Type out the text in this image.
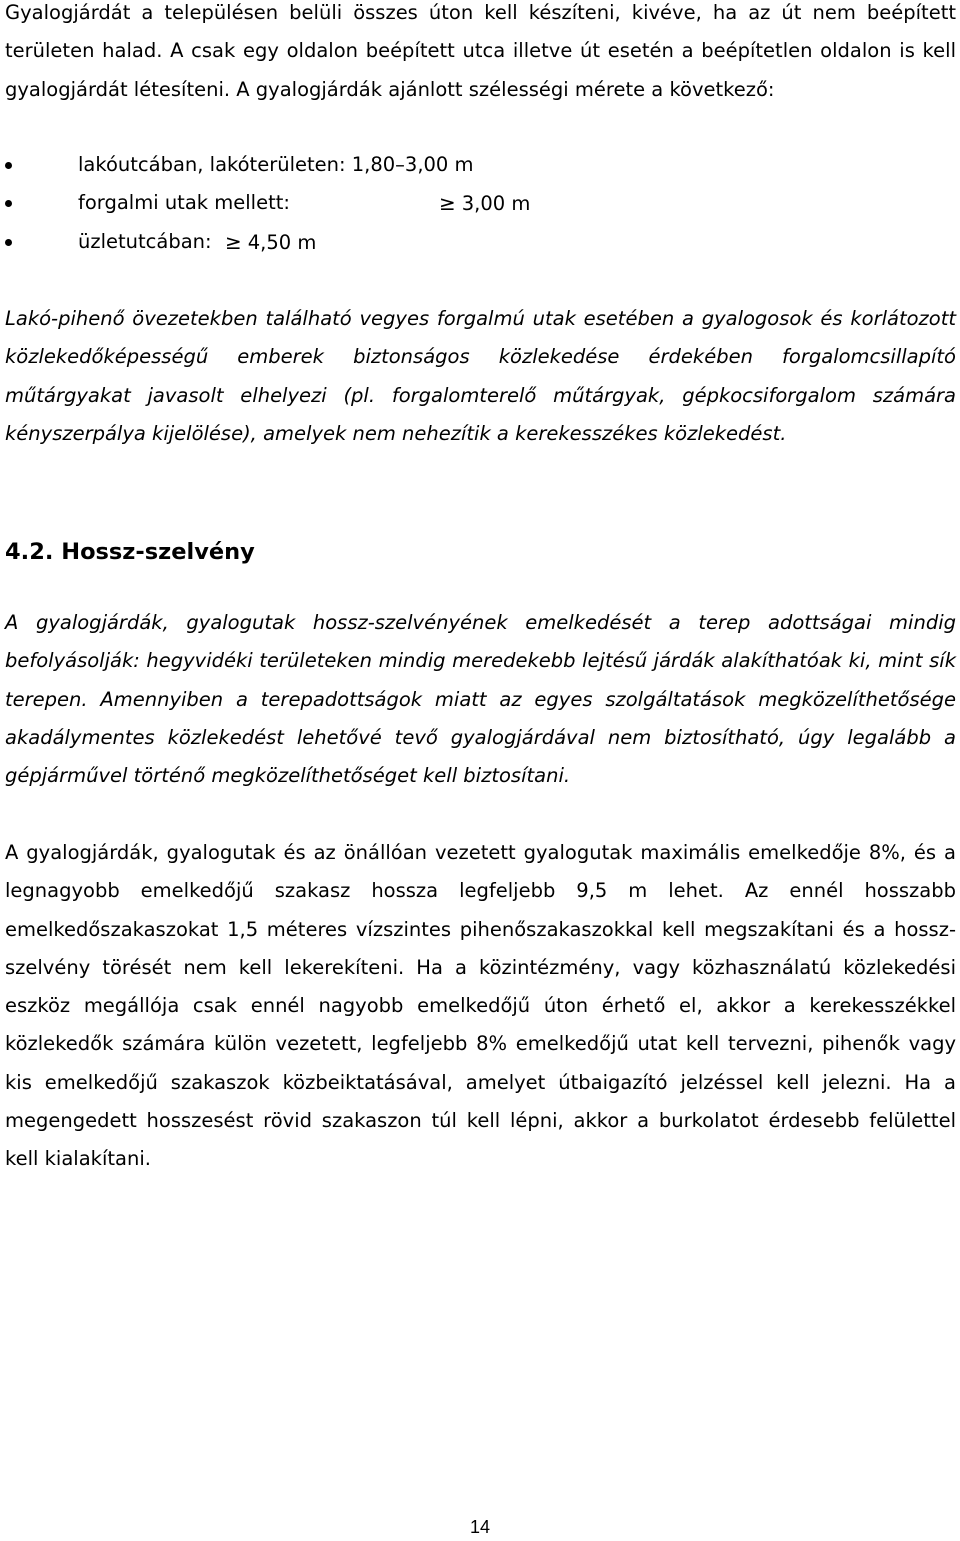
Gyalogjárdát a településen belüli összes úton kell készíteni, kivéve, ha az út nem beépített területen halad. A csak egy oldalon beépített utca illetve út esetén a beépítetlen oldalon is kell gyalogjárdát létesíteni. A gyalogjárdák ajánlott szélességi mérete a következő:

lakóutcában, lakóterületen: 1,80–3,00 m
forgalmi utak mellett:	≥ 3,00 m
üzletutcában: ≥ 4,50 m

Lakó-pihenő övezetekben található vegyes forgalmú utak esetében a gyalogosok és korlátozott közlekedőképességű emberek biztonságos közlekedése érdekében forgalomcsillapító műtárgyakat javasolt elhelyezi (pl. forgalomterelő műtárgyak, gépkocsiforgalom számára kényszerpálya kijelölése), amelyek nem nehezítik a kerekesszékes közlekedést.

4.2. Hossz-szelvény

A gyalogjárdák, gyalogutak hossz-szelvényének emelkedését a terep adottságai mindig befolyásolják: hegyvidéki területeken mindig meredekebb lejtésű járdák alakíthatóak ki, mint sík terepen. Amennyiben a terepadottságok miatt az egyes szolgáltatások megközelíthetősége akadálymentes közlekedést lehetővé tevő gyalogjárdával nem biztosítható, úgy legalább a gépjárművel történő megközelíthetőséget kell biztosítani.

A gyalogjárdák, gyalogutak és az önállóan vezetett gyalogutak maximális emelkedője 8%, és a legnagyobb emelkedőjű szakasz hossza legfeljebb 9,5 m lehet. Az ennél hosszabb emelkedőszakaszokat 1,5 méteres vízszintes pihenőszakaszokkal kell megszakítani és a hossz-szelvény törését nem kell lekerekíteni. Ha a közintézmény, vagy közhasználatú közlekedési eszköz megállója csak ennél nagyobb emelkedőjű úton érhető el, akkor a kerekesszékkel közlekedők számára külön vezetett, legfeljebb 8% emelkedőjű utat kell tervezni, pihenők vagy kis emelkedőjű szakaszok közbeiktatásával, amelyet útbaigazító jelzéssel kell jelezni. Ha a megengedett hosszesést rövid szakaszon túl kell lépni, akkor a burkolatot érdesebb felülettel kell kialakítani.

14
